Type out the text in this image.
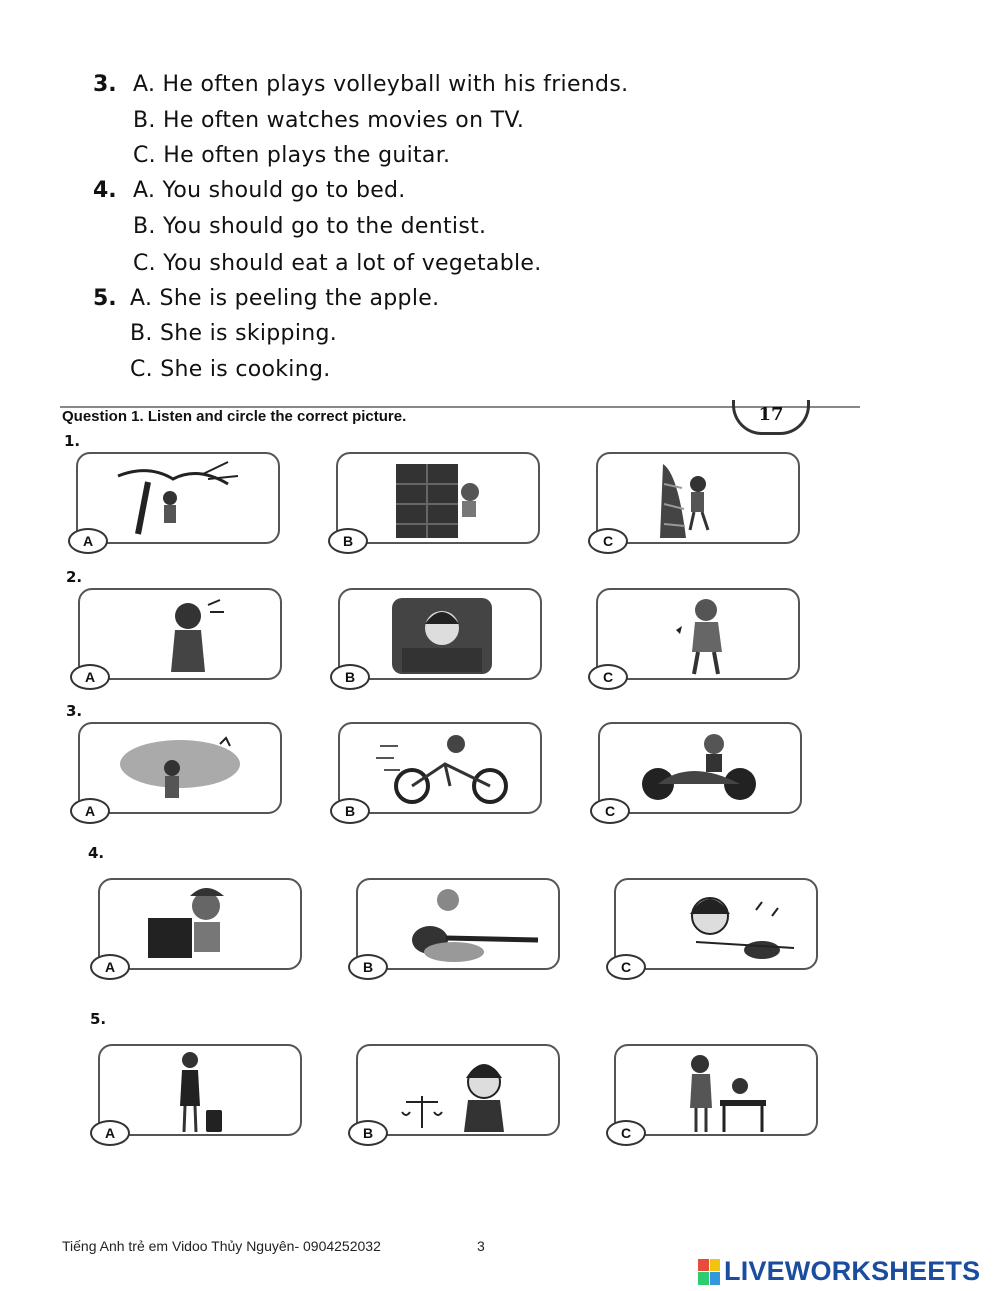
3. A. He often plays volleyball with his friends.
B. He often watches movies on TV.
C. He often plays the guitar.
4. A. You should go to bed.
B. You should go to the dentist.
C. You should eat a lot of vegetable.
5. A. She is peeling the apple.
B. She is skipping.
C. She is cooking.
Question 1. Listen and circle the correct picture.	17
1.
A	B	C
2.
A	B	C
3.
A	B	C
4.
A	B	C
5.
A	B	C
Tiếng Anh trẻ em Vidoo Thủy Nguyên- 0904252032	3
LIVEWORKSHEETS
